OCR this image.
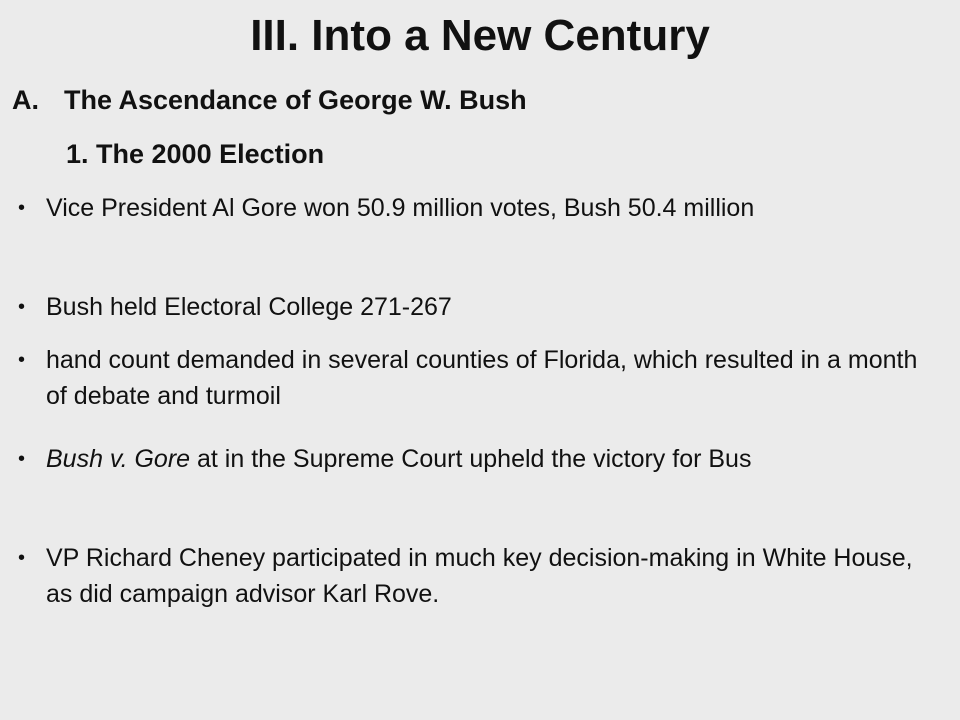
III. Into a New Century
A. The Ascendance of George W. Bush
1. The 2000 Election
• Vice President Al Gore won 50.9 million votes, Bush 50.4 million
• Bush held Electoral College 271-267
• hand count demanded in several counties of Florida, which resulted in a month of debate and turmoil
• Bush v. Gore at in the Supreme Court upheld the victory for Bus
• VP Richard Cheney participated in much key decision-making in White House, as did campaign advisor Karl Rove.
